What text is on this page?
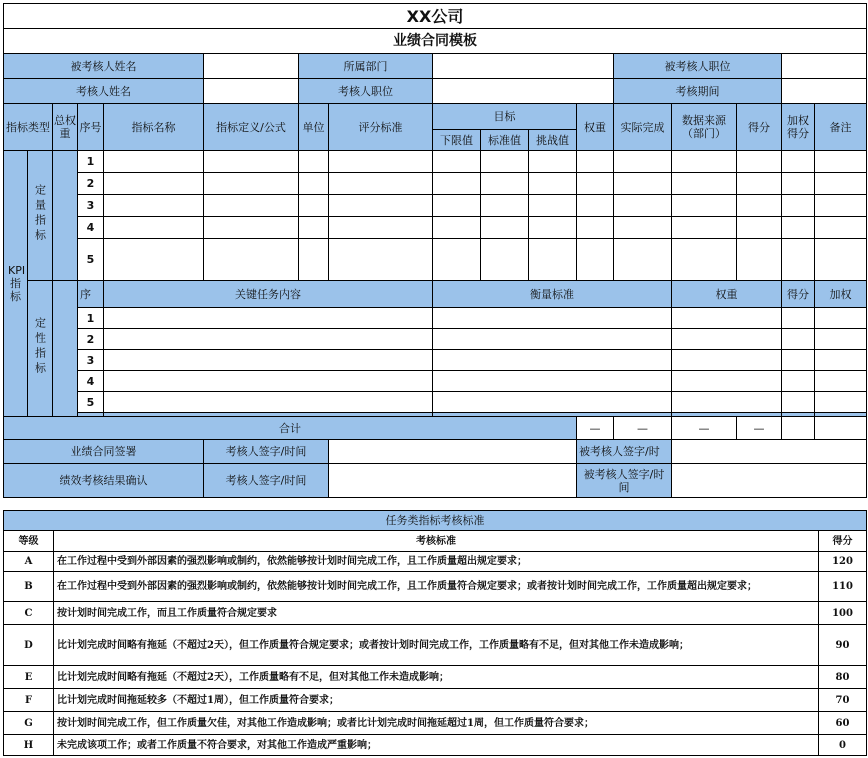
XX公司																	
业绩合同模板																	
被考核人姓名						所属部门						被考核人职位					
考核人姓名						考核人职位						考核期间					
指标类型		总权重	序号	指标名称	指标定义/公式	单位	评分标准	目标			权重	实际完成	数据来源（部门）	得分	加权得分	备注	
								下限值	标准值	挑战值							
KPI指标	定量指标		1														
			2														
			3														
			4														
			5														
	定性指标		序	关键任务内容				衡量标准					权重		得分	加权	
			1														
			2														
			3														
			4														
			5														

合计											—	—	—	—			
业绩合同签署					考核人签字/时间						被考核人签字/时						
绩效考核结果确认					考核人签字/时间						被考核人签字/时间						
任务类指标考核标准		
等级	考核标准	得分
A	在工作过程中受到外部因素的强烈影响或制约，依然能够按计划时间完成工作，且工作质量超出规定要求；	120
B	在工作过程中受到外部因素的强烈影响或制约，依然能够按计划时间完成工作，且工作质量符合规定要求；或者按计划时间完成工作，工作质量超出规定要求；	110
C	按计划时间完成工作，而且工作质量符合规定要求	100
D	比计划完成时间略有拖延（不超过2天），但工作质量符合规定要求；或者按计划时间完成工作，工作质量略有不足，但对其他工作未造成影响；	90
E	比计划完成时间略有拖延（不超过2天），工作质量略有不足，但对其他工作未造成影响；	80
F	比计划完成时间拖延较多（不超过1周），但工作质量符合要求；	70
G	按计划时间完成工作，但工作质量欠佳，对其他工作造成影响；或者比计划完成时间拖延超过1周，但工作质量符合要求；	60
H	未完成该项工作；或者工作质量不符合要求，对其他工作造成严重影响；	0
